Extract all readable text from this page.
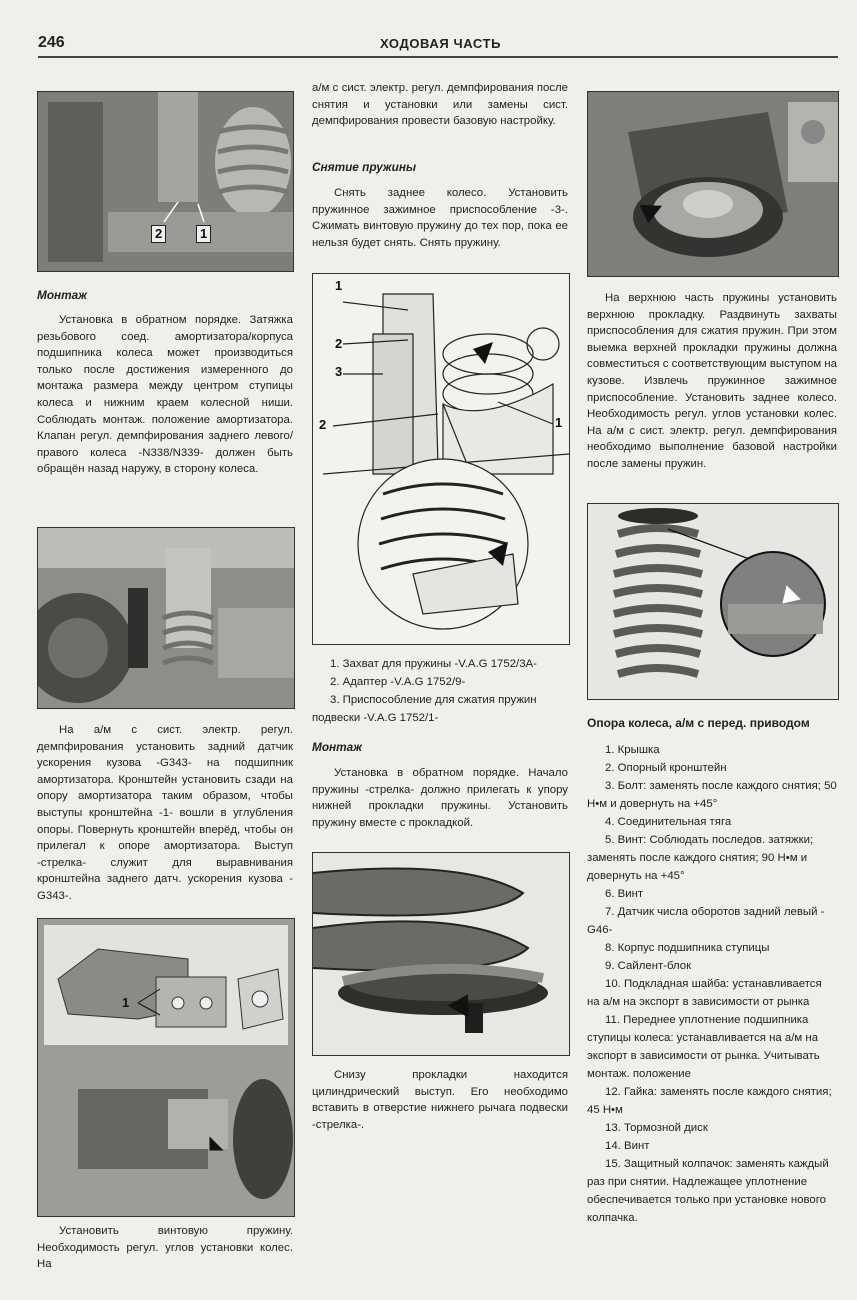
246	ХОДОВАЯ ЧАСТЬ
2	1

Монтаж

Установка в обратном порядке. Затяжка резьбового соед. амортизатора/корпуса подшипника колеса может производиться только после достижения измеренного до монтажа размера между центром ступицы колеса и нижним краем колесной ниши. Соблюдать монтаж. положение амортизатора. Клапан регул. демпфирования заднего левого/правого колеса -N338/N339- должен быть обращён назад наружу, в сторону колеса.

На а/м с сист. электр. регул. демпфирования установить задний датчик ускорения кузова -G343- на подшипник амортизатора. Кронштейн установить сзади на опору амортизатора таким образом, чтобы выступы кронштейна -1- вошли в углубления опоры. Повернуть кронштейн вперёд, чтобы он прилегал к опоре амортизатора. Выступ -стрелка- служит для выравнивания кронштейна заднего датч. ускорения кузова -G343-.

1

Установить винтовую пружину. Необходимость регул. углов установки колес. На

а/м с сист. электр. регул. демпфирования после снятия и установки или замены сист. демпфирования провести базовую настройку.

Снятие пружины

Снять заднее колесо. Установить пружинное зажимное приспособление -3-. Сжимать винтовую пружину до тех пор, пока ее нельзя будет снять. Снять пружину.

1
2
3
2	1
1. Захват для пружины -V.A.G 1752/3A-
2. Адаптер -V.A.G 1752/9-
3. Приспособление для сжатия пружин подвески -V.A.G 1752/1-

Монтаж

Установка в обратном порядке. Начало пружины -стрелка- должно прилегать к упору нижней прокладки пружины. Установить пружину вместе с прокладкой.

Снизу прокладки находится цилиндрический выступ. Его необходимо вставить в отверстие нижнего рычага подвески -стрелка-.

На верхнюю часть пружины установить верхнюю прокладку. Раздвинуть захваты приспособления для сжатия пружин. При этом выемка верхней прокладки пружины должна совместиться с соответствующим выступом на кузове. Извлечь пружинное зажимное приспособление. Установить заднее колесо. Необходимость регул. углов установки колес. На а/м с сист. электр. регул. демпфирования необходимо выполнение базовой настройки после замены пружин.

Опора колеса, а/м с перед. приводом

1. Крышка
2. Опорный кронштейн
3. Болт: заменять после каждого снятия; 50 Н•м и довернуть на +45°
4. Соединительная тяга
5. Винт: Соблюдать последов. затяжки; заменять после каждого снятия; 90 Н•м и довернуть на +45°
6. Винт
7. Датчик числа оборотов задний левый -G46-
8. Корпус подшипника ступицы
9. Сайлент-блок
10. Подкладная шайба: устанавливается на а/м на экспорт в зависимости от рынка
11. Переднее уплотнение подшипника ступицы колеса: устанавливается на а/м на экспорт в зависимости от рынка. Учитывать монтаж. положение
12. Гайка: заменять после каждого снятия; 45 Н•м
13. Тормозной диск
14. Винт
15. Защитный колпачок: заменять каждый раз при снятии. Надлежащее уплотнение обеспечивается только при установке нового колпачка.
